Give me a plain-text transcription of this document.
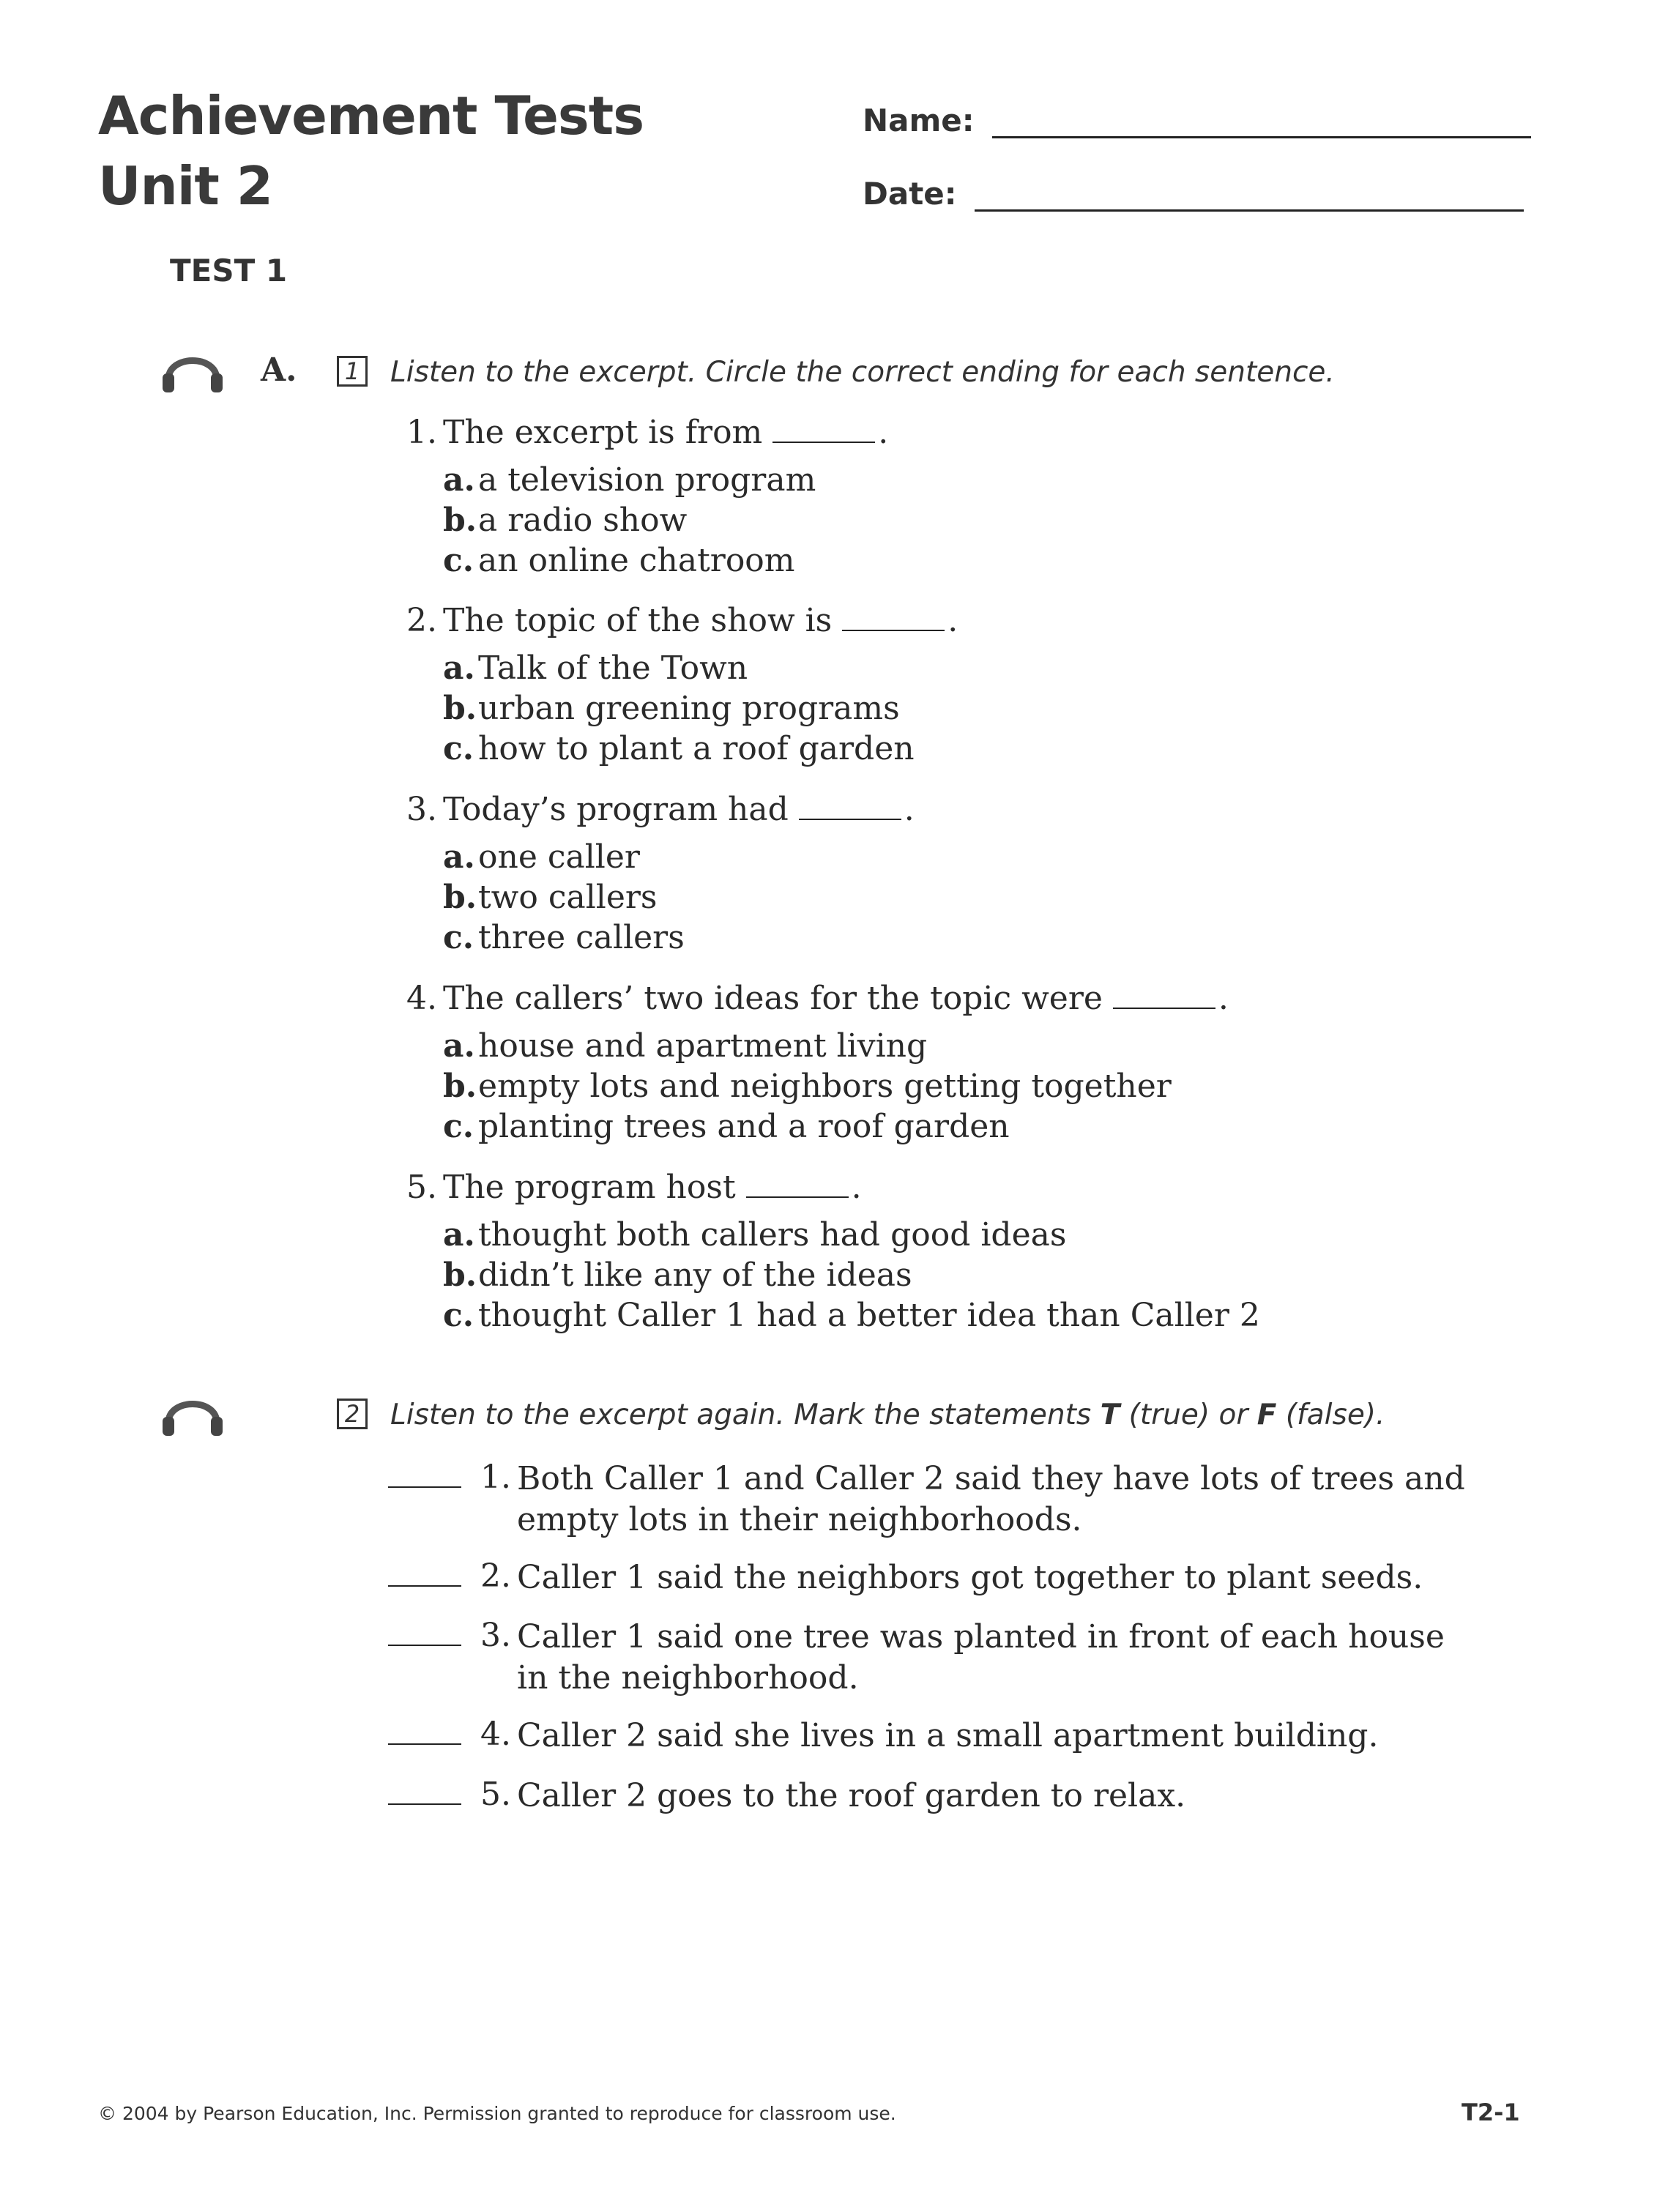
Achievement Tests
Unit 2
TEST 1
Name:
Date:
A.	1 Listen to the excerpt. Circle the correct ending for each sentence.
1. The excerpt is from	.
a.a television program
b.a radio show
c. an online chatroom
2. The topic of the show is	.
a.Talk of the Town
b.urban greening programs
c. how to plant a roof garden
3. Today’s program had	.
a.one caller
b.two callers
c. three callers
4. The callers’ two ideas for the topic were	.
a.house and apartment living
b.empty lots and neighbors getting together
c. planting trees and a roof garden
5. The program host	.
a.thought both callers had good ideas
b.didn’t like any of the ideas
c. thought Caller 1 had a better idea than Caller 2
2 Listen to the excerpt again. Mark the statements T (true) or F (false).
1. Both Caller 1 and Caller 2 said they have lots of trees and empty lots in their neighborhoods.
2. Caller 1 said the neighbors got together to plant seeds.
3. Caller 1 said one tree was planted in front of each house in the neighborhood.
4. Caller 2 said she lives in a small apartment building.
5. Caller 2 goes to the roof garden to relax.
© 2004 by Pearson Education, Inc. Permission granted to reproduce for classroom use.	T2-1
